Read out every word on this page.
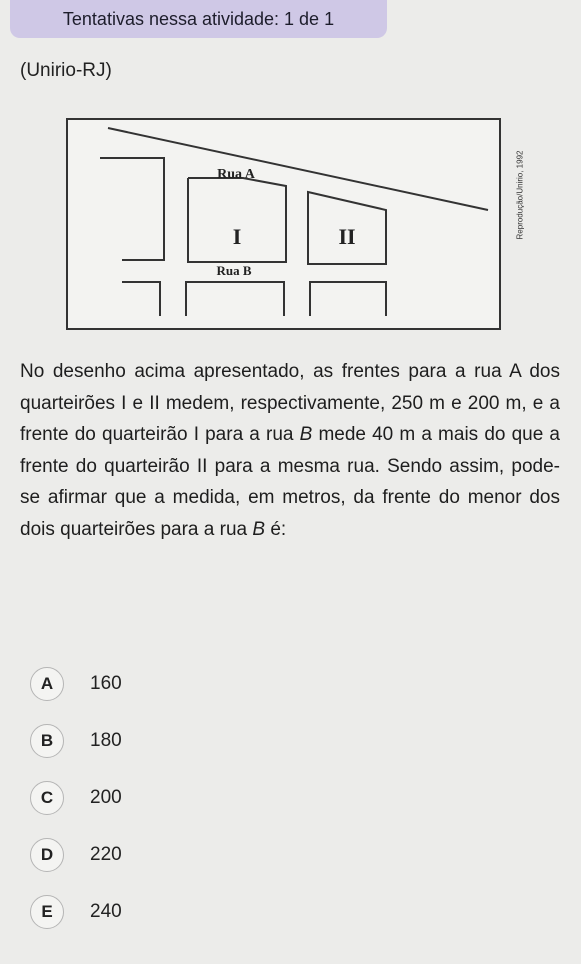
Tentativas nessa atividade: 1 de 1
(Unirio-RJ)
Rua A
I	II
Rua B
Reprodução/Unirio, 1992
No desenho acima apresentado, as frentes para a rua A dos quarteirões I e II medem, respectivamente, 250 m e 200 m, e a frente do quarteirão I para a rua B mede 40 m a mais do que a frente do quarteirão II para a mesma rua. Sendo assim, pode-se afirmar que a medida, em metros, da frente do menor dos dois quarteirões para a rua B é:
A	160
B	180
C	200
D	220
E	240
